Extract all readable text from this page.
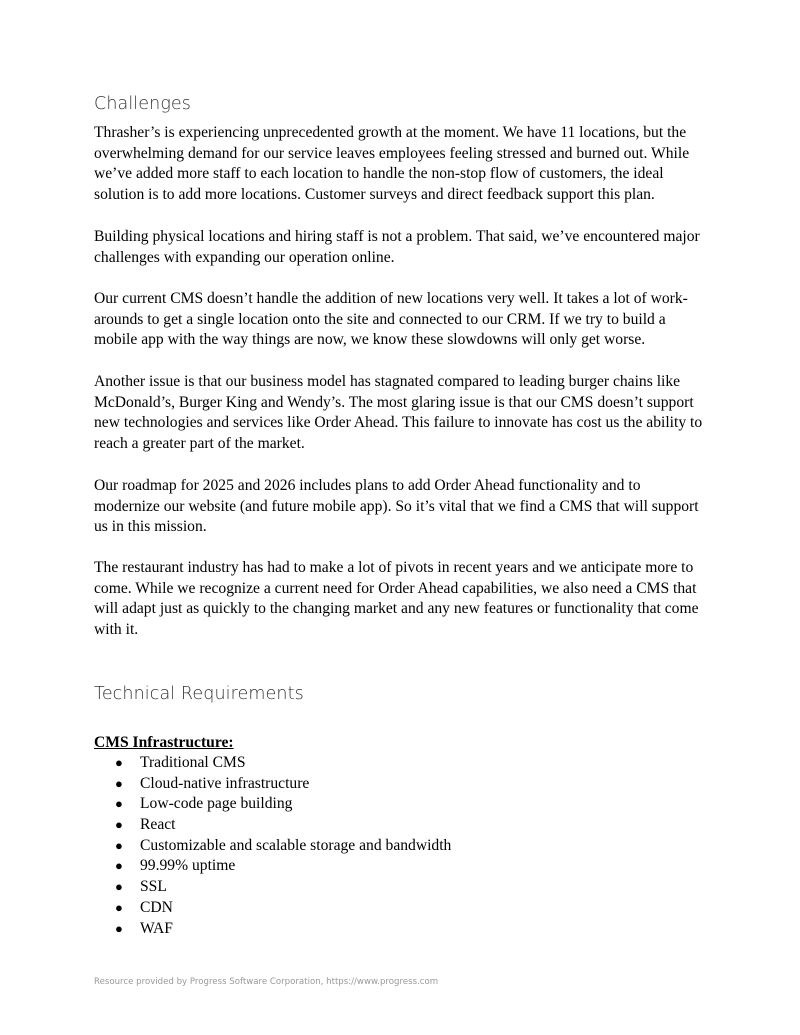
Challenges

Thrasher’s is experiencing unprecedented growth at the moment. We have 11 locations, but the overwhelming demand for our service leaves employees feeling stressed and burned out. While we’ve added more staff to each location to handle the non-stop flow of customers, the ideal solution is to add more locations. Customer surveys and direct feedback support this plan.

Building physical locations and hiring staff is not a problem. That said, we’ve encountered major challenges with expanding our operation online.

Our current CMS doesn’t handle the addition of new locations very well. It takes a lot of work-arounds to get a single location onto the site and connected to our CRM. If we try to build a mobile app with the way things are now, we know these slowdowns will only get worse.

Another issue is that our business model has stagnated compared to leading burger chains like McDonald’s, Burger King and Wendy’s. The most glaring issue is that our CMS doesn’t support new technologies and services like Order Ahead. This failure to innovate has cost us the ability to reach a greater part of the market.

Our roadmap for 2025 and 2026 includes plans to add Order Ahead functionality and to modernize our website (and future mobile app). So it’s vital that we find a CMS that will support us in this mission.

The restaurant industry has had to make a lot of pivots in recent years and we anticipate more to come. While we recognize a current need for Order Ahead capabilities, we also need a CMS that will adapt just as quickly to the changing market and any new features or functionality that come with it.

Technical Requirements

CMS Infrastructure:

● Traditional CMS
● Cloud-native infrastructure
● Low-code page building
● React
● Customizable and scalable storage and bandwidth
● 99.99% uptime
● SSL
● CDN
● WAF

Resource provided by Progress Software Corporation, https://www.progress.com
